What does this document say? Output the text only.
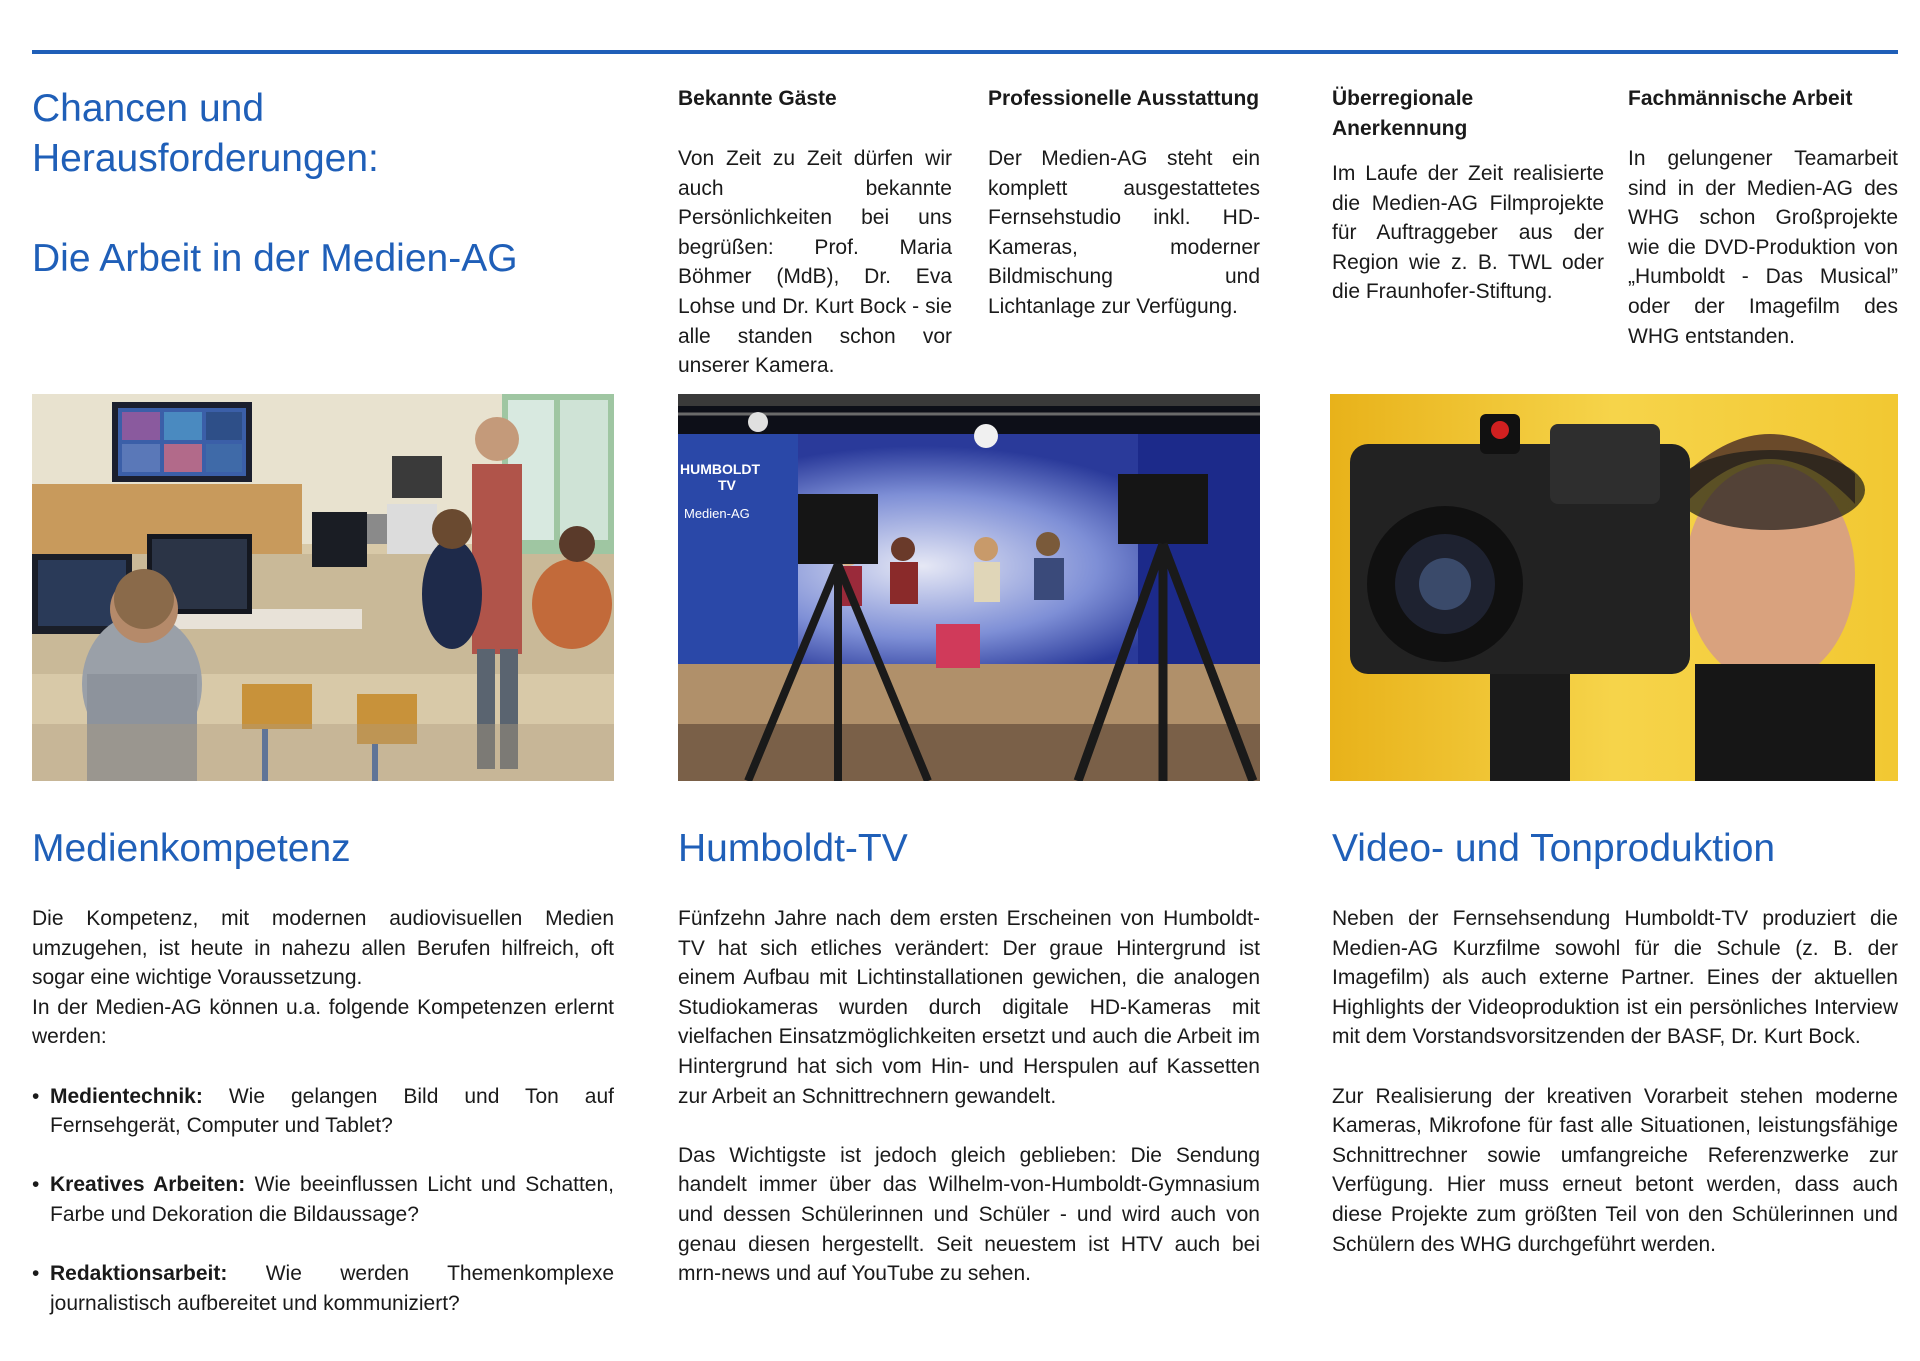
Chancen und
Herausforderungen:
Die Arbeit in der Medien-AG
Bekannte Gäste

Von Zeit zu Zeit dürfen wir auch bekannte Persönlichkeiten bei uns begrüßen: Prof. Maria Böhmer (MdB), Dr. Eva Lohse und Dr. Kurt Bock - sie alle standen schon vor unserer Kamera.

Professionelle Ausstattung

Der Medien-AG steht ein komplett ausgestattetes Fernsehstudio inkl. HD-Kameras, moderner Bildmischung und Lichtanlage zur Verfügung.

Überregionale Anerkennung

Im Laufe der Zeit realisierte die Medien-AG Filmprojekte für Auftraggeber aus der Region wie z. B. TWL oder die Fraunhofer-Stiftung.

Fachmännische Arbeit

In gelungener Teamarbeit sind in der Medien-AG des WHG schon Großprojekte wie die DVD-Produktion von „Humboldt - Das Musical” oder der Imagefilm des WHG entstanden.

HUMBOLDT
TV
Medien-AG
Medienkompetenz	Humboldt-TV	Video- und Tonproduktion

Die Kompetenz, mit modernen audiovisuellen Medien umzugehen, ist heute in nahezu allen Berufen hilfreich, oft sogar eine wichtige Voraussetzung.

In der Medien-AG können u.a. folgende Kompetenzen erlernt werden:

• Medientechnik: Wie gelangen Bild und Ton auf Fernsehgerät, Computer und Tablet?
• Kreatives Arbeiten: Wie beeinflussen Licht und Schatten, Farbe und Dekoration die Bildaussage?
• Redaktionsarbeit: Wie werden Themenkomplexe journalistisch aufbereitet und kommuniziert?

Fünfzehn Jahre nach dem ersten Erscheinen von Humboldt-TV hat sich etliches verändert: Der graue Hintergrund ist einem Aufbau mit Lichtinstallationen gewichen, die analogen Studiokameras wurden durch digitale HD-Kameras mit vielfachen Einsatzmöglichkeiten ersetzt und auch die Arbeit im Hintergrund hat sich vom Hin- und Herspulen auf Kassetten zur Arbeit an Schnittrechnern gewandelt.

Das Wichtigste ist jedoch gleich geblieben: Die Sendung handelt immer über das Wilhelm-von-Humboldt-Gymnasium und dessen Schülerinnen und Schüler - und wird auch von genau diesen hergestellt. Seit neuestem ist HTV auch bei mrn-news und auf YouTube zu sehen.

Neben der Fernsehsendung Humboldt-TV produziert die Medien-AG Kurzfilme sowohl für die Schule (z. B. der Imagefilm) als auch externe Partner. Eines der aktuellen Highlights der Videoproduktion ist ein persönliches Interview mit dem Vorstandsvorsitzenden der BASF, Dr. Kurt Bock.

Zur Realisierung der kreativen Vorarbeit stehen moderne Kameras, Mikrofone für fast alle Situationen, leistungsfähige Schnittrechner sowie umfangreiche Referenzwerke zur Verfügung. Hier muss erneut betont werden, dass auch diese Projekte zum größten Teil von den Schülerinnen und Schülern des WHG durchgeführt werden.
